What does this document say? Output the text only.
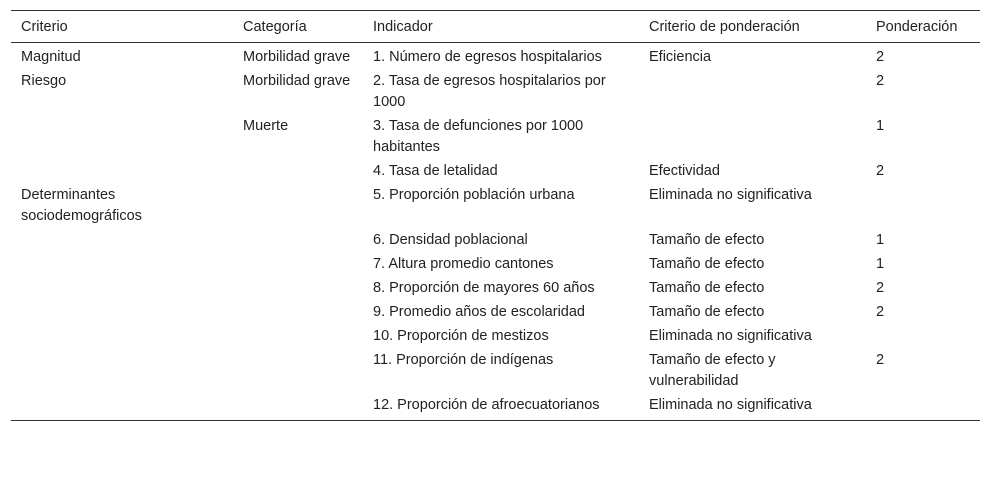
Criterio	Categoría	Indicador	Criterio de ponderación	Ponderación
Magnitud	Morbilidad grave	1. Número de egresos hospitalarios	Eficiencia	2
Riesgo	Morbilidad grave	2. Tasa de egresos hospitalarios por 1000		2
	Muerte	3. Tasa de defunciones por 1000 habitantes		1
		4. Tasa de letalidad	Efectividad	2
Determinantes sociodemográficos		5. Proporción población urbana	Eliminada no significativa	
		6. Densidad poblacional	Tamaño de efecto	1
		7. Altura promedio cantones	Tamaño de efecto	1
		8. Proporción de mayores 60 años	Tamaño de efecto	2
		9. Promedio años de escolaridad	Tamaño de efecto	2
		10. Proporción de mestizos	Eliminada no significativa	
		11. Proporción de indígenas	Tamaño de efecto y vulnerabilidad	2
		12. Proporción de afroecuatorianos	Eliminada no significativa	
